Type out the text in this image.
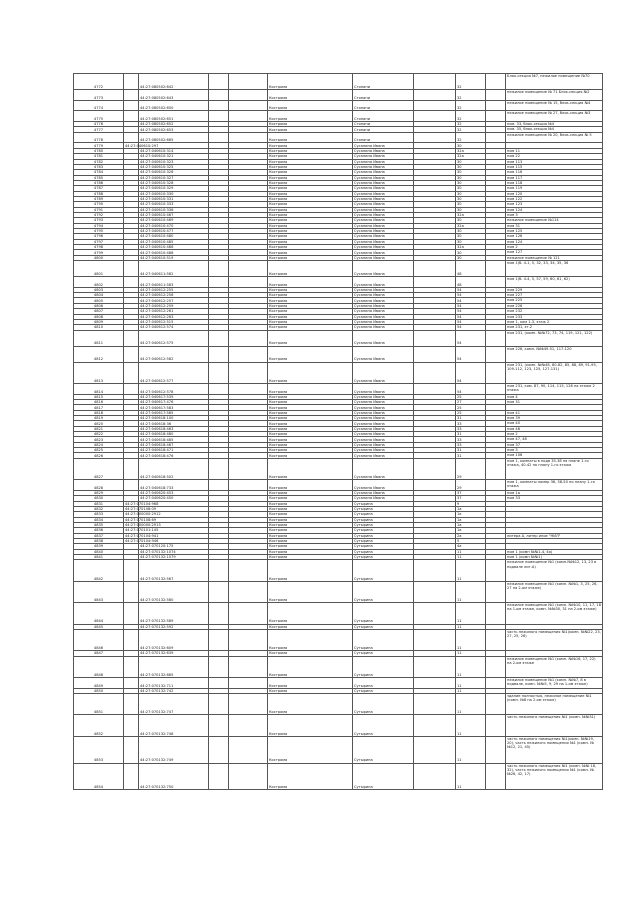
4772		44:27:080502:642			Кострома	Стопани		32		Блок-секция №7, нежилое помещение №70
4773		44:27:080502:643			Кострома	Стопани		32		нежилое помещение № 71 Блок-секция №2
4774		44:27:080502:650			Кострома	Стопани		32		нежилое помещение № 15, блок-секция №4
4775		44:27:080502:651			Кострома	Стопани		32		нежилое помещение № 27, блок-секция №3
4776		44:27:080502:652			Кострома	Стопани		32		пом. 33, блок-секция №4
4777		44:27:080502:653			Кострома	Стопани		32		пом. 35, блок-секция №4
4778		44:27:080502:665			Кострома	Стопани		32		нежилое помещение № 20, блок-секция № 5
4779	44:27:040610:297				Кострома	Сусанина Ивана		30		
4780		44:27:040610:314			Кострома	Сусанина Ивана		32а		пом 11
4781		44:27:040610:321			Кострома	Сусанина Ивана		32а		пом 22
4782		44:27:040610:323			Кострома	Сусанина Ивана		30		пом 113
4783		44:27:040610:325			Кострома	Сусанина Ивана		30		пом 115
4784		44:27:040610:326			Кострома	Сусанина Ивана		30		пом 116
4785		44:27:040610:327			Кострома	Сусанина Ивана		30		пом 117
4786		44:27:040610:328			Кострома	Сусанина Ивана		30		пом 118
4787		44:27:040610:329			Кострома	Сусанина Ивана		30		пом 119
4788		44:27:040610:330			Кострома	Сусанина Ивана		30		пом 120
4789		44:27:040610:331			Кострома	Сусанина Ивана		30		пом 122
4790		44:27:040610:333			Кострома	Сусанина Ивана		30		пом 123
4791		44:27:040610:336			Кострома	Сусанина Ивана		30		пом 124
4792		44:27:040610:467			Кострома	Сусанина Ивана		32а		пом 3
4793		44:27:040610:469			Кострома	Сусанина Ивана		30		нежилое помещение №114
4794		44:27:040610:470			Кострома	Сусанина Ивана		32а		пом 31
4795		44:27:040610:477			Кострома	Сусанина Ивана		30		пом 125
4796		44:27:040610:480			Кострома	Сусанина Ивана		30		пом 126
4797		44:27:040610:485			Кострома	Сусанина Ивана		30		пом 124
4798		44:27:040610:486			Кострома	Сусанина Ивана		32а		пом 2
4799		44:27:040610:488			Кострома	Сусанина Ивана		30		пом 127
4800		44:27:040610:519			Кострома	Сусанина Ивана		30		нежилое помещение № 121
4801		44:27:040611:582			Кострома	Сусанина Ивана		48		пом 1(б. 4-1, 5, 32, 33, 34, 35, 36
4802		44:27:040611:583			Кострома	Сусанина Ивана		48		пом 1(б. 4-4, 5, 57, 59, 60, 61, 62)
4803		44:27:040612:255			Кострома	Сусанина Ивана		54		пом 229
4804		44:27:040612:256			Кострома	Сусанина Ивана		54		пом 227
4805		44:27:040612:257			Кострома	Сусанина Ивана		54		пом 225
4806		44:27:040612:259			Кострома	Сусанина Ивана		54		пом 226
4807		44:27:040612:261			Кострома	Сусанина Ивана		54		пом 232
4808		44:27:040612:263			Кострома	Сусанина Ивана		54		пом 233
4809		44:27:040612:515			Кострома	Сусанина Ивана		54		пом 1, ком 1-3, этаж 2
4810		44:27:040612:574			Кострома	Сусанина Ивана		54		пом 231, эт.2
4811		44:27:040612:575			Кострома	Сусанина Ивана		54		пом 231, (комн. №№72, 73, 74, 119, 121, 122)
4812		44:27:040612:582			Кострома	Сусанина Ивана		54		пом 226, комн. №№49-51, 117-120
4813		44:27:040612:577			Кострома	Сусанина Ивана		54		пом 231, (комн. №№48, 80-82, 85, 88, 89, 91-95, 109-112, 123, 125, 127-131)
4814		44:27:040612:578			Кострома	Сусанина Ивана		54		пом 231, ком. 87, 90, 114, 115, 126 на этаже 2 этажа
4815		44:27:040617:539			Кострома	Сусанина Ивана		25		пом 4
4816		44:27:040617:476			Кострома	Сусанина Ивана		27		пом 31
4817		44:27:040617:583			Кострома	Сусанина Ивана		25		
4818		44:27:040617:585			Кострома	Сусанина Ивана		25		пом 41
4819		44:27:040618:100			Кострома	Сусанина Ивана		31		пом 39
4820		44:27:040618:36			Кострома	Сусанина Ивана		33		пом 40
4821		44:27:040618:463			Кострома	Сусанина Ивана		33		пом 46
4822		44:27:040618:480			Кострома	Сусанина Ивана		31		пом 2
4823		44:27:040618:485			Кострома	Сусанина Ивана		33		пом 47, 48
4824		44:27:040618:467			Кострома	Сусанина Ивана		33		пом 37
4825		44:27:040618:471			Кострома	Сусанина Ивана		31		пом 3
4826		44:27:040618:476			Кострома	Сусанина Ивана		31		пом 106
4827		44:27:040618:502			Кострома	Сусанина Ивана		29		пом 1, комнаты в подв 35-38 на плане 1-го этажа, 40-42 по плану 1-го этажа
4828		44:27:040618:733			Кострома	Сусанина Ивана		29		пом 1, комнаты номер 36, 38-50 по плану 1-го этажа
4829		44:27:040620:453			Кострома	Сусанина Ивана		37		пом 1а
4830		44:27:040620:450			Кострома	Сусанина Ивана		37		пом 33
4831	44:27:070104:968				Кострома	Сутырина		9		
4832	44:27:070108:09				Кострома	Сутырина		1а		
4833	44:27:000000:2912				Кострома	Сутырина		1а		
4834	44:27:070108:69				Кострома	Сутырина		1а		
4835	44:27:000000:2913				Кострома	Сутырина		1а		
4836	44:27:070101:145				Кострома	Сутырина		1а		
4837	44:27:070104:941				Кострома	Сутырина		2а		литера А, литер иное "НИЛ"
4838	44:27:070104:946				Кострома	Сутырина		5		
4839		44:27:070120:175			Кострома	Сутырина		4а		
4840		44:27:070132:1074			Кострома	Сутырина		11		пом 1 (комн №№1-4, 4а)
4841		44:27:070132:1079			Кострома	Сутырина		11		пом 1 (комн №№1)
4842		44:27:070132:567			Кострома	Сутырина		11		нежилое помещение №1 (комн.№№12, 13, 23 в подвале лит.А)
4843		44:27:070132:580			Кострома	Сутырина		11		нежилое помещение №1 (комн. №№1, 3, 25, 26, 27 на 2-ом этаже)
4844		44:27:070132:589			Кострома	Сутырина		11		нежилое помещение №1 (комн. №№10, 11, 17, 18 на 1-ом этаже, комн. №№30, 31 на 2-ом этаже)
4845		44:27:070132:592			Кострома	Сутырина		11		
4846		44:27:070132:609			Кострома	Сутырина		11		часть нежилого помещения №1(комн. №№22, 23, 27, 25, 26)
4847		44:27:070132:639			Кострома	Сутырина		11		
4848		44:27:070132:665			Кострома	Сутырина		11		нежилое помещение №1 (комн. №№16, 17, 22) на 2-ом этаже
4849		44:27:070132:711			Кострома	Сутырина		11		нежилое помещение №1 (комн. №№7, 8 в подвале, комн. №№5, 9, 29 на 1-ом этаже)
4850		44:27:070132:742			Кострома	Сутырина		11		
4851		44:27:070132:747			Кострома	Сутырина		11		здание полностью, нежилое помещение №1 (комн. №8 на 2-ом этаже)
4852		44:27:070132:748			Кострома	Сутырина		11		часть нежилого помещения №1 (комн. №№31)
4853		44:27:070132:749			Кострома	Сутырина		11		часть нежилого помещения №1(комн. №№19, 20), часть нежилого помещения №1 (комн. №№12, 21, 45)
4854		44:27:070132:750			Кострома	Сутырина		11		часть нежилого помещения №1 (комн. №№ 18, 32), часть нежилого помещения №1 (комн. №№26, 42, 17)
